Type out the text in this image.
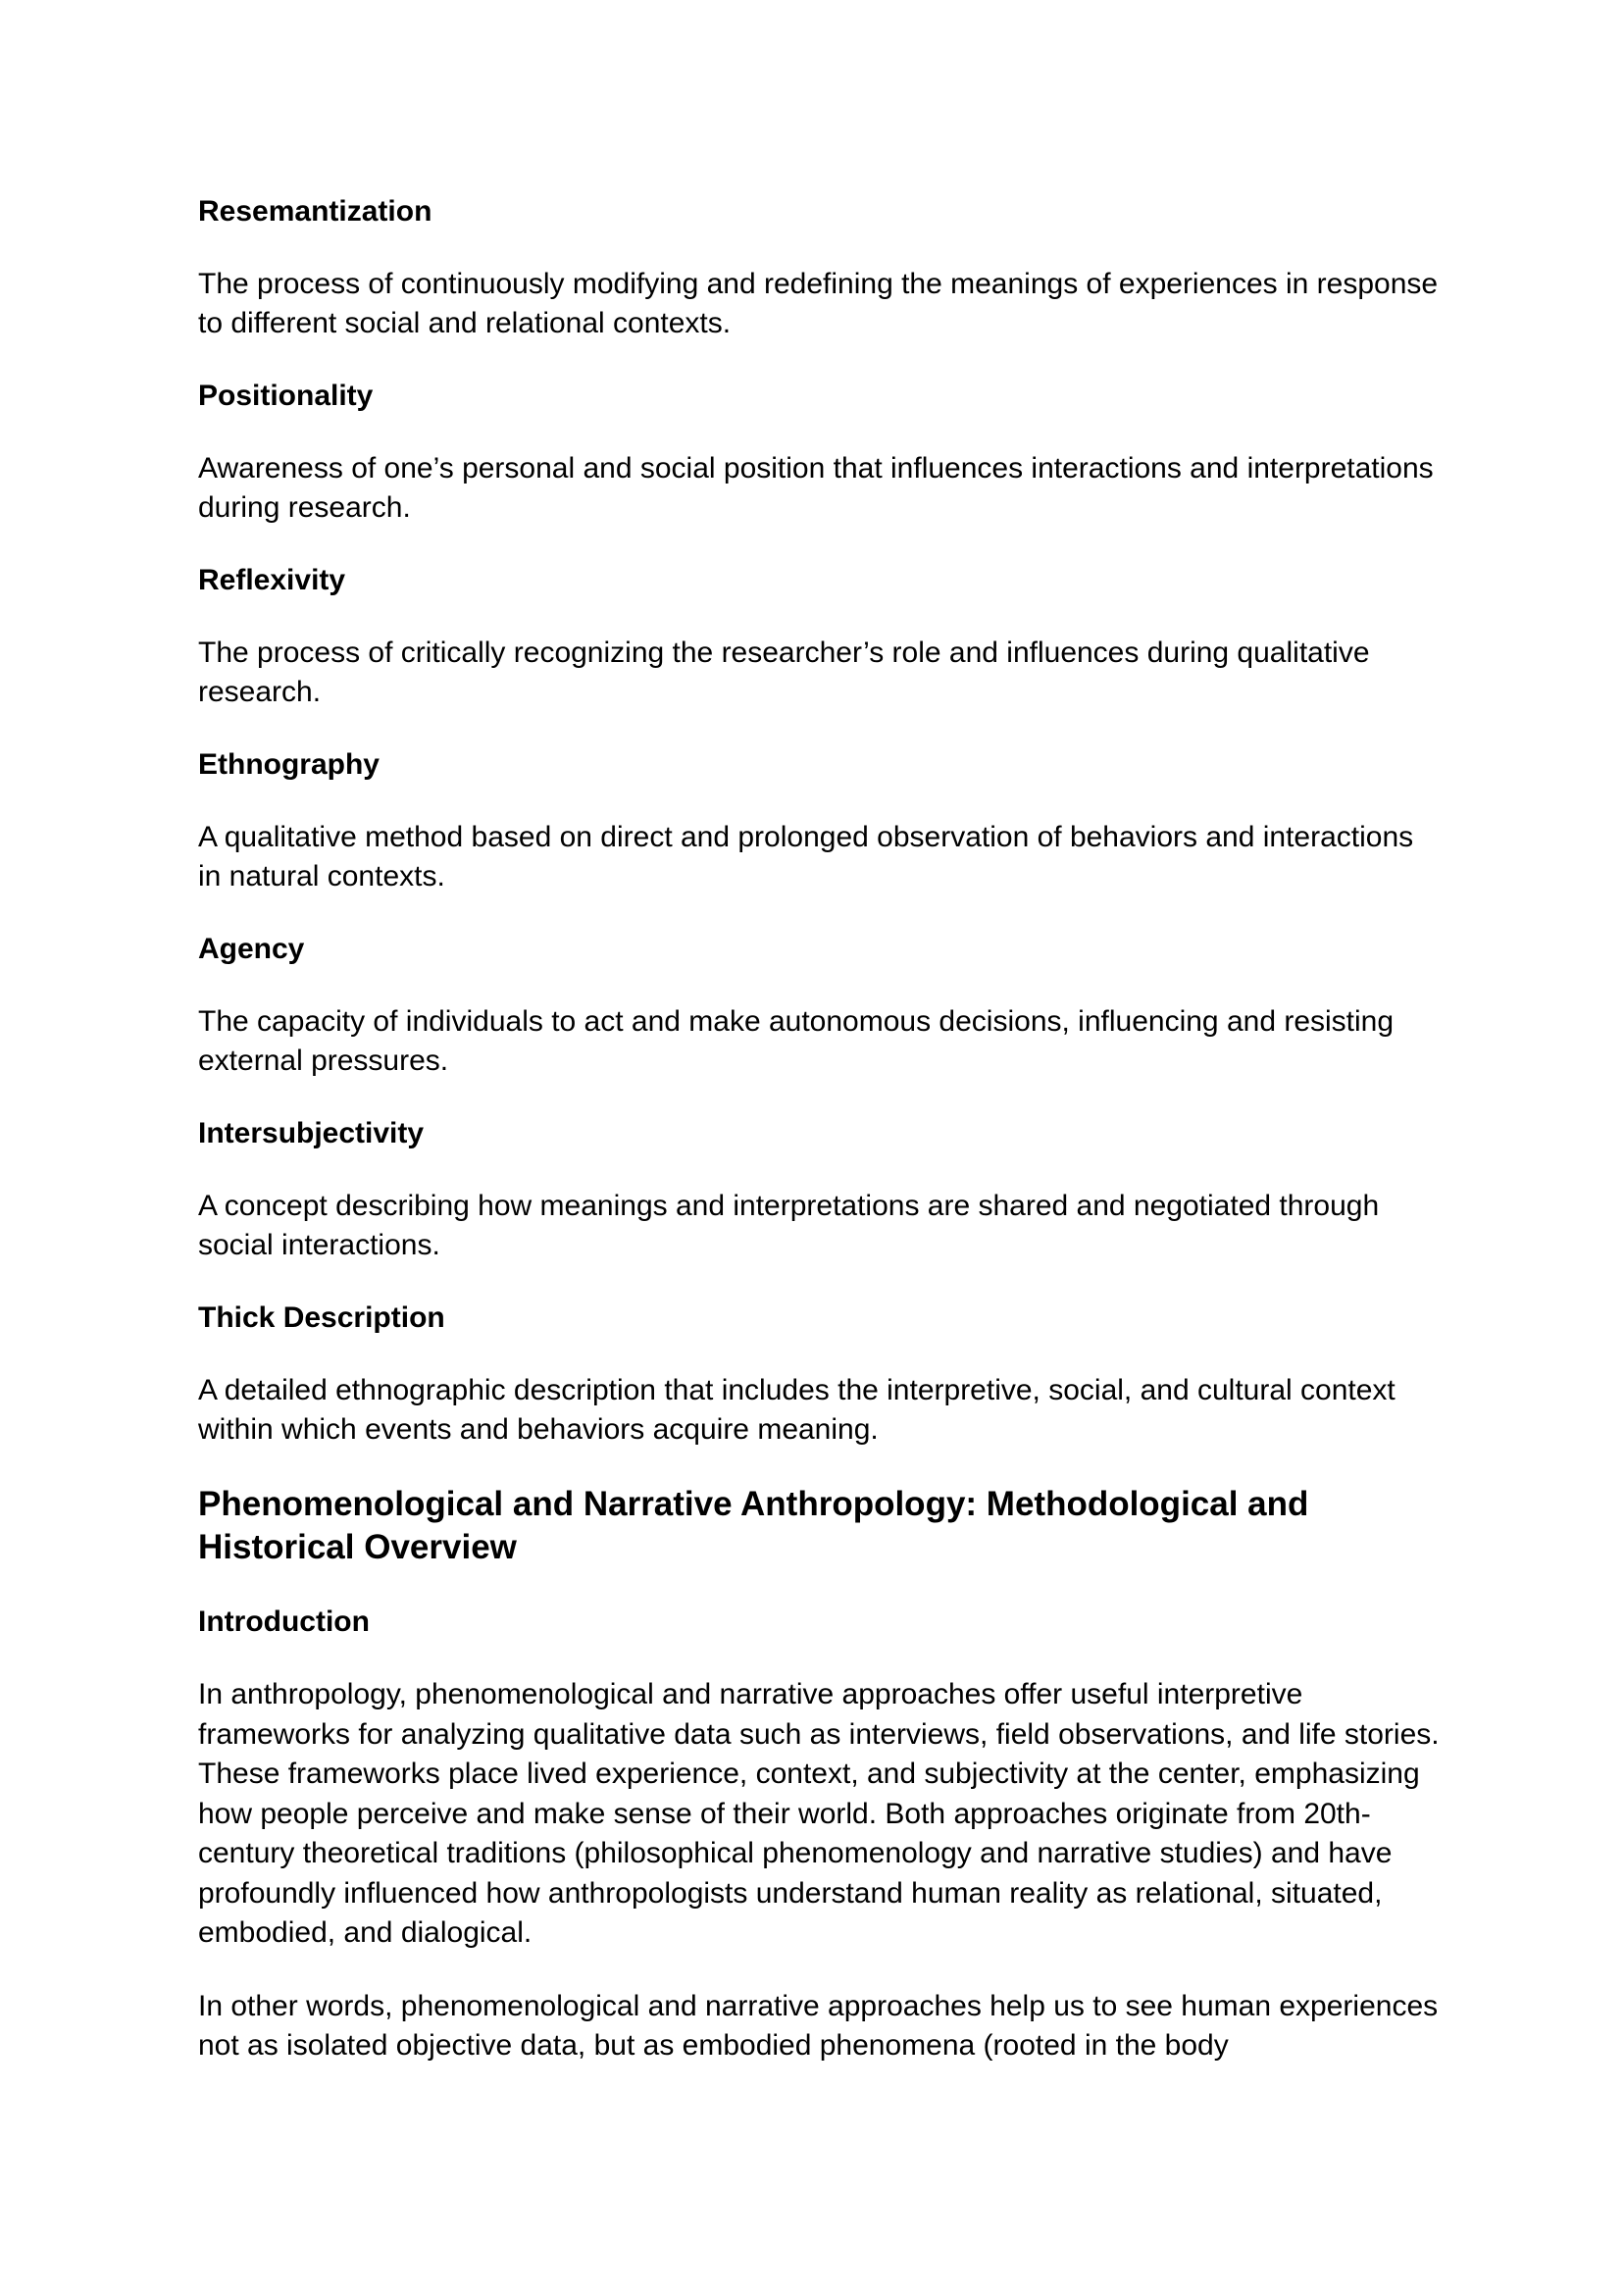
Resemantization
The process of continuously modifying and redefining the meanings of experiences in response to different social and relational contexts.
Positionality
Awareness of one’s personal and social position that influences interactions and interpretations during research.
Reflexivity
The process of critically recognizing the researcher’s role and influences during qualitative research.
Ethnography
A qualitative method based on direct and prolonged observation of behaviors and interactions in natural contexts.
Agency
The capacity of individuals to act and make autonomous decisions, influencing and resisting external pressures.
Intersubjectivity
A concept describing how meanings and interpretations are shared and negotiated through social interactions.
Thick Description
A detailed ethnographic description that includes the interpretive, social, and cultural context within which events and behaviors acquire meaning.
Phenomenological and Narrative Anthropology: Methodological and Historical Overview
Introduction
In anthropology, phenomenological and narrative approaches offer useful interpretive frameworks for analyzing qualitative data such as interviews, field observations, and life stories. These frameworks place lived experience, context, and subjectivity at the center, emphasizing how people perceive and make sense of their world. Both approaches originate from 20th-century theoretical traditions (philosophical phenomenology and narrative studies) and have profoundly influenced how anthropologists understand human reality as relational, situated, embodied, and dialogical.
In other words, phenomenological and narrative approaches help us to see human experiences not as isolated objective data, but as embodied phenomena (rooted in the body
